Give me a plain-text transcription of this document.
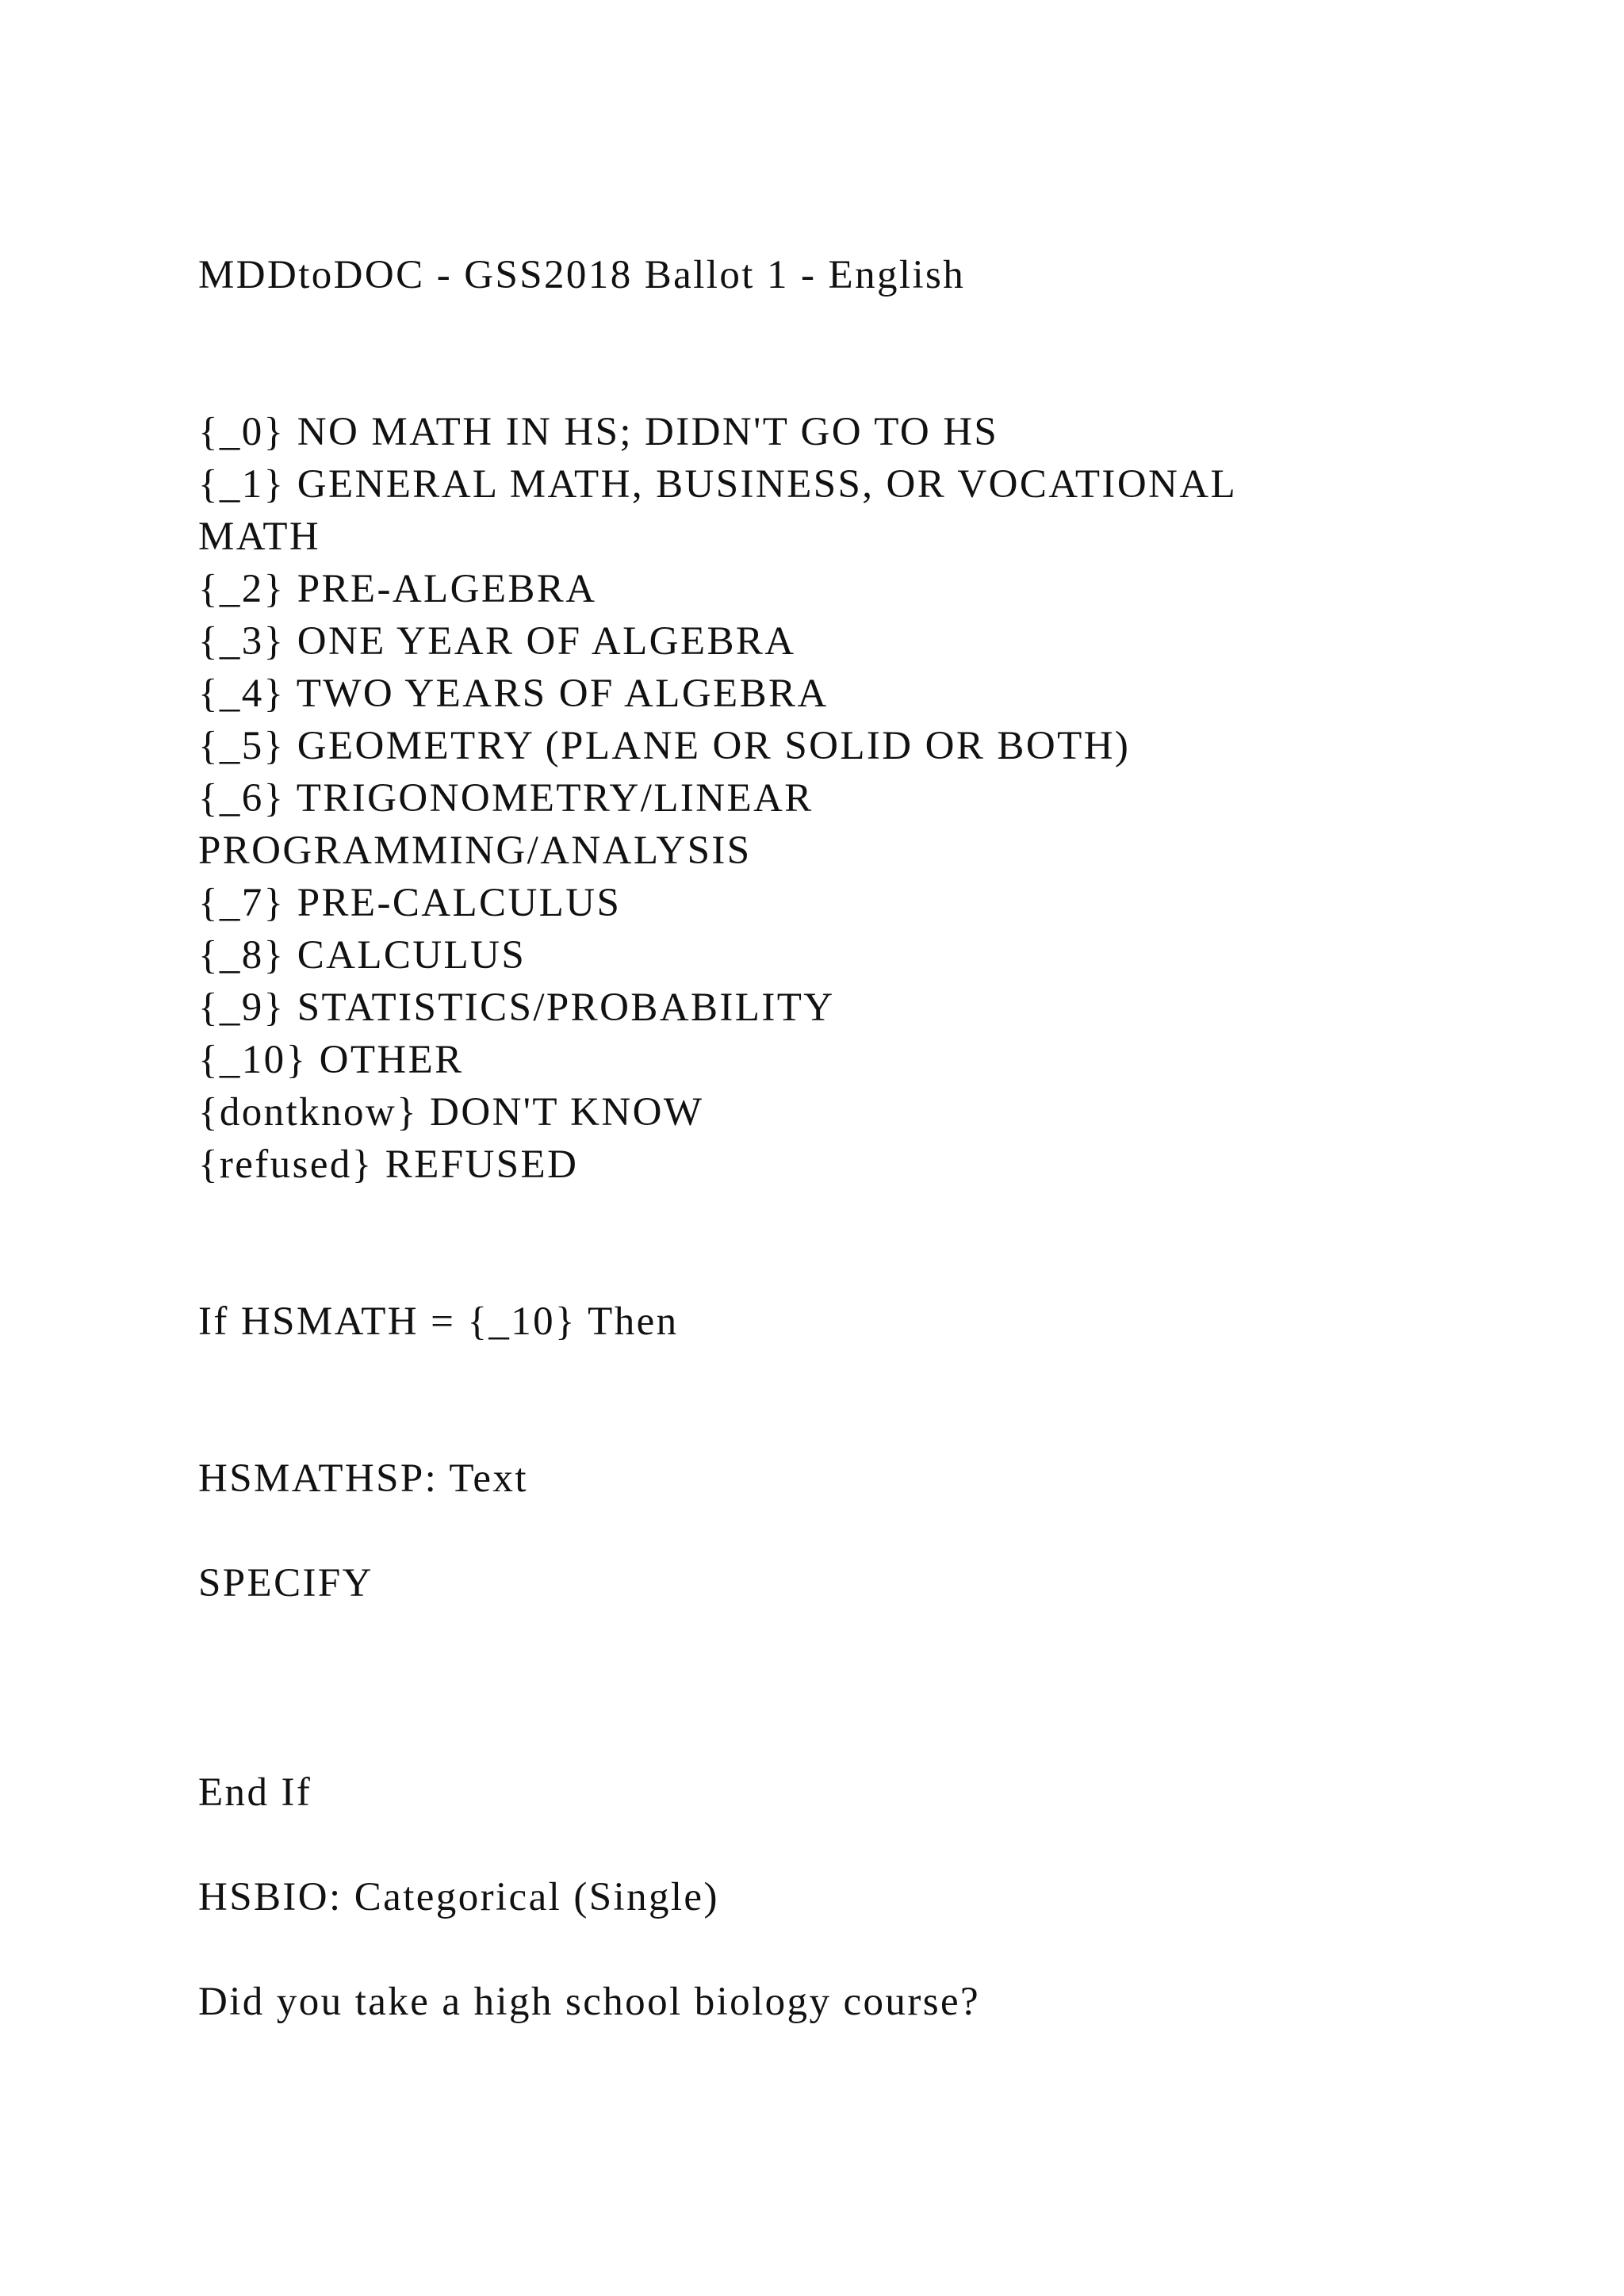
MDDtoDOC - GSS2018 Ballot 1 - English
{_0} NO MATH IN HS; DIDN'T GO TO HS
{_1} GENERAL MATH, BUSINESS, OR VOCATIONAL
MATH
{_2} PRE-ALGEBRA
{_3} ONE YEAR OF ALGEBRA
{_4} TWO YEARS OF ALGEBRA
{_5} GEOMETRY (PLANE OR SOLID OR BOTH)
{_6} TRIGONOMETRY/LINEAR
PROGRAMMING/ANALYSIS
{_7} PRE-CALCULUS
{_8} CALCULUS
{_9} STATISTICS/PROBABILITY
{_10} OTHER
{dontknow} DON'T KNOW
{refused} REFUSED
If HSMATH = {_10} Then
HSMATHSP: Text
SPECIFY
End If
HSBIO: Categorical (Single)
Did you take a high school biology course?
